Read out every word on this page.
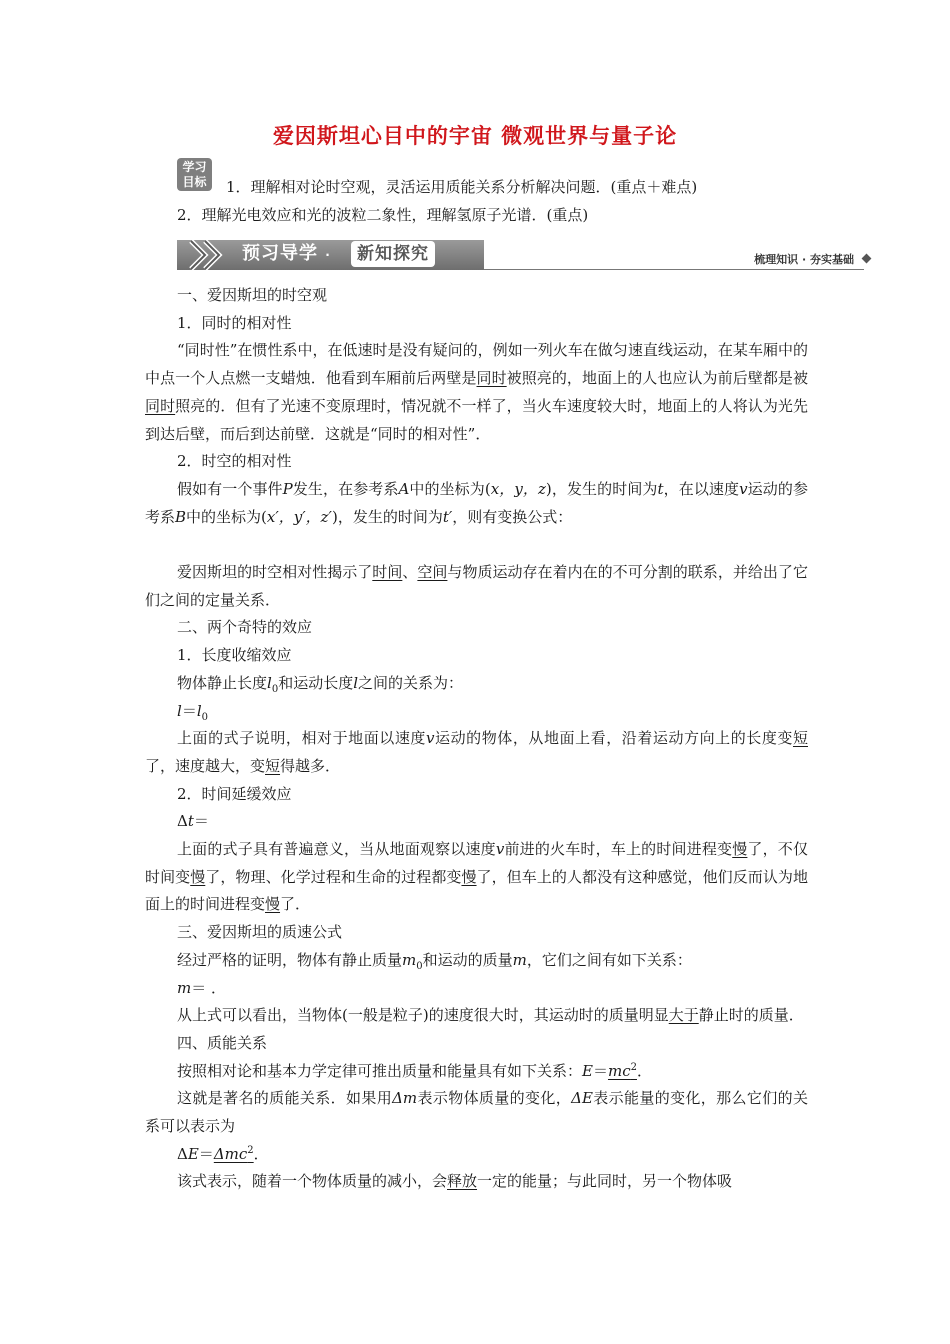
爱因斯坦心目中的宇宙 微观世界与量子论
学习
目标	1．理解相对论时空观，灵活运用质能关系分析解决问题．(重点＋难点)
2．理解光电效应和光的波粒二象性，理解氢原子光谱．(重点)
预习导学 ·	新知探究	梳理知识 · 夯实基础

一、爱因斯坦的时空观

1．同时的相对性

“同时性”在惯性系中，在低速时是没有疑问的，例如一列火车在做匀速直线运动，在某车厢中的中点一个人点燃一支蜡烛．他看到车厢前后两壁是同时被照亮的，地面上的人也应认为前后壁都是被同时照亮的．但有了光速不变原理时，情况就不一样了，当火车速度较大时，地面上的人将认为光先到达后壁，而后到达前壁．这就是“同时的相对性”．

2．时空的相对性

假如有一个事件P发生，在参考系A中的坐标为(x，y，z)，发生的时间为t，在以速度v运动的参考系B中的坐标为(x′，y′，z′)，发生的时间为t′，则有变换公式：

爱因斯坦的时空相对性揭示了时间、空间与物质运动存在着内在的不可分割的联系，并给出了它们之间的定量关系．

二、两个奇特的效应

1．长度收缩效应

物体静止长度$l_0$和运动长度l之间的关系为：

$l=l_0$

上面的式子说明，相对于地面以速度v运动的物体，从地面上看，沿着运动方向上的长度变短了，速度越大，变短得越多．

2．时间延缓效应

Δt＝

上面的式子具有普遍意义，当从地面观察以速度v前进的火车时，车上的时间进程变慢了，不仅时间变慢了，物理、化学过程和生命的过程都变慢了，但车上的人都没有这种感觉，他们反而认为地面上的时间进程变慢了．

三、爱因斯坦的质速公式

经过严格的证明，物体有静止质量$m_0$和运动的质量m，它们之间有如下关系：

m＝ ．

从上式可以看出，当物体(一般是粒子)的速度很大时，其运动时的质量明显大于静止时的质量．

四、质能关系

按照相对论和基本力学定律可推出质量和能量具有如下关系：$E=mc^2$．

这就是著名的质能关系．如果用Δm表示物体质量的变化，ΔE表示能量的变化，那么它们的关系可以表示为

ΔE＝Δmc$^2$．

该式表示，随着一个物体质量的减小，会释放一定的能量；与此同时，另一个物体吸
